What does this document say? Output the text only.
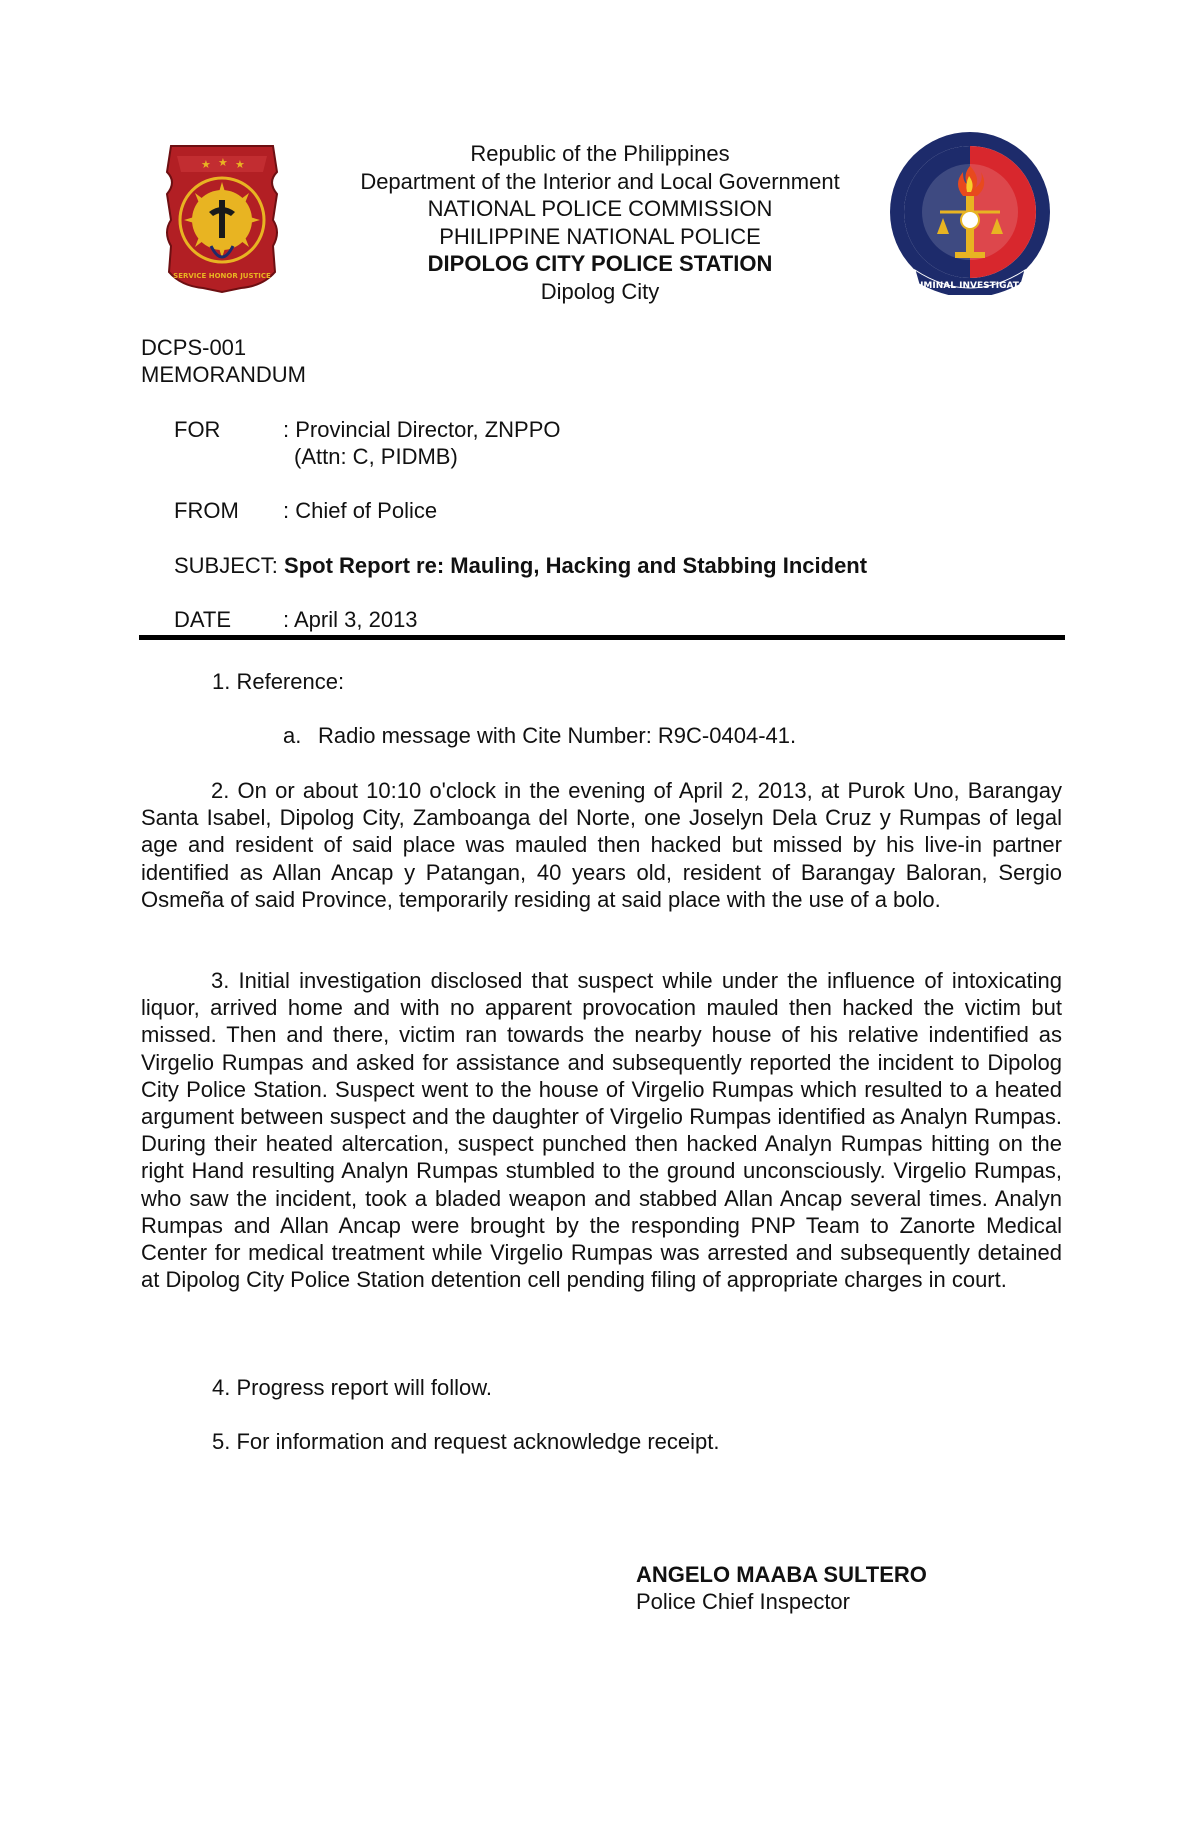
★ ★ ★
SERVICE HONOR JUSTICE
CRIMINAL INVESTIGATOR
Republic of the Philippines
Department of the Interior and Local Government
NATIONAL POLICE COMMISSION
PHILIPPINE NATIONAL POLICE
DIPOLOG CITY POLICE STATION
Dipolog City
DCPS-001
MEMORANDUM
FOR	: Provincial Director, ZNPPO
(Attn: C, PIDMB)
FROM : Chief of Police
SUBJECT: Spot Report re: Mauling, Hacking and Stabbing Incident
DATE : April 3, 2013
1. Reference:
a. Radio message with Cite Number: R9C-0404-41.

2. On or about 10:10 o'clock in the evening of April 2, 2013, at Purok Uno, Barangay Santa Isabel, Dipolog City, Zamboanga del Norte, one Joselyn Dela Cruz y Rumpas of legal age and resident of said place was mauled then hacked but missed by his live-in partner identified as Allan Ancap y Patangan, 40 years old, resident of Barangay Baloran, Sergio Osmeña of said Province, temporarily residing at said place with the use of a bolo.

3. Initial investigation disclosed that suspect while under the influence of intoxicating liquor, arrived home and with no apparent provocation mauled then hacked the victim but missed. Then and there, victim ran towards the nearby house of his relative indentified as Virgelio Rumpas and asked for assistance and subsequently reported the incident to Dipolog City Police Station. Suspect went to the house of Virgelio Rumpas which resulted to a heated argument between suspect and the daughter of Virgelio Rumpas identified as Analyn Rumpas. During their heated altercation, suspect punched then hacked Analyn Rumpas hitting on the right Hand resulting Analyn Rumpas stumbled to the ground unconsciously. Virgelio Rumpas, who saw the incident, took a bladed weapon and stabbed Allan Ancap several times. Analyn Rumpas and Allan Ancap were brought by the responding PNP Team to Zanorte Medical Center for medical treatment while Virgelio Rumpas was arrested and subsequently detained at Dipolog City Police Station detention cell pending filing of appropriate charges in court.

4. Progress report will follow.
5. For information and request acknowledge receipt.
ANGELO MAABA SULTERO
Police Chief Inspector
